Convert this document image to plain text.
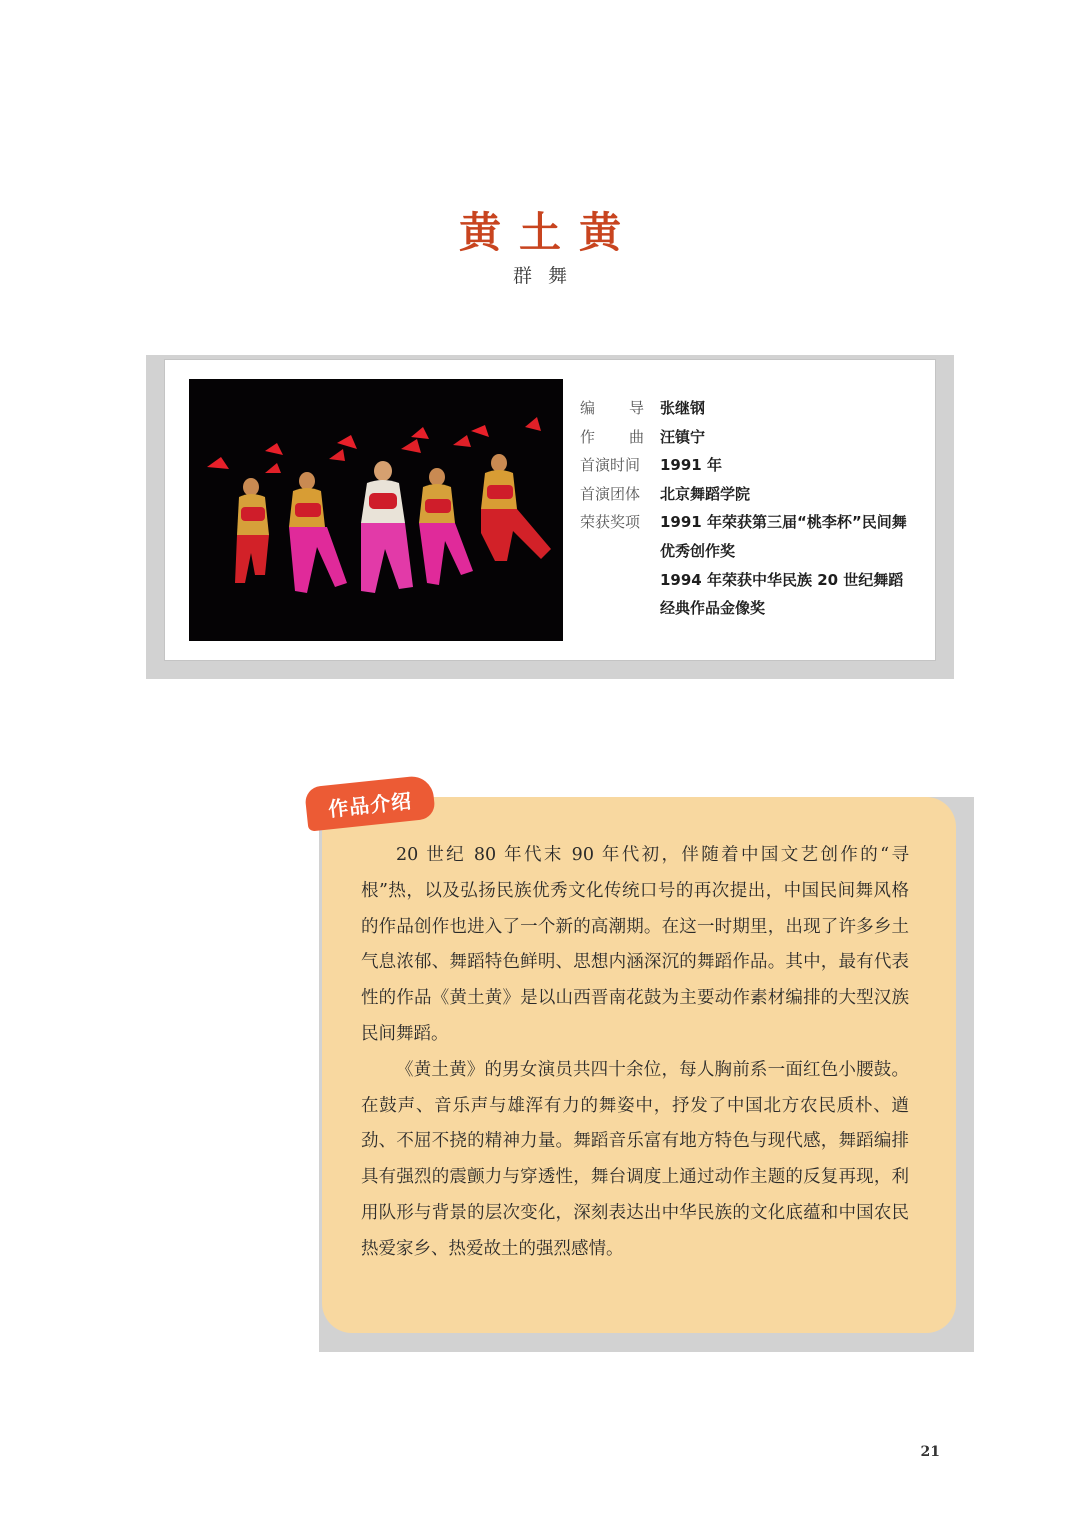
黄土黄
群舞
编 导 张继钢
作 曲 汪镇宁
首演时间	1991 年
首演团体	北京舞蹈学院
荣获奖项	1991 年荣获第三届“桃李杯”民间舞
优秀创作奖
1994 年荣获中华民族 20 世纪舞蹈
经典作品金像奖
作品介绍

20 世纪 80 年代末 90 年代初，伴随着中国文艺创作的“寻根”热，以及弘扬民族优秀文化传统口号的再次提出，中国民间舞风格的作品创作也进入了一个新的高潮期。在这一时期里，出现了许多乡土气息浓郁、舞蹈特色鲜明、思想内涵深沉的舞蹈作品。其中，最有代表性的作品《黄土黄》是以山西晋南花鼓为主要动作素材编排的大型汉族民间舞蹈。

《黄土黄》的男女演员共四十余位，每人胸前系一面红色小腰鼓。在鼓声、音乐声与雄浑有力的舞姿中，抒发了中国北方农民质朴、遒劲、不屈不挠的精神力量。舞蹈音乐富有地方特色与现代感，舞蹈编排具有强烈的震颤力与穿透性，舞台调度上通过动作主题的反复再现，利用队形与背景的层次变化，深刻表达出中华民族的文化底蕴和中国农民热爱家乡、热爱故土的强烈感情。

21
